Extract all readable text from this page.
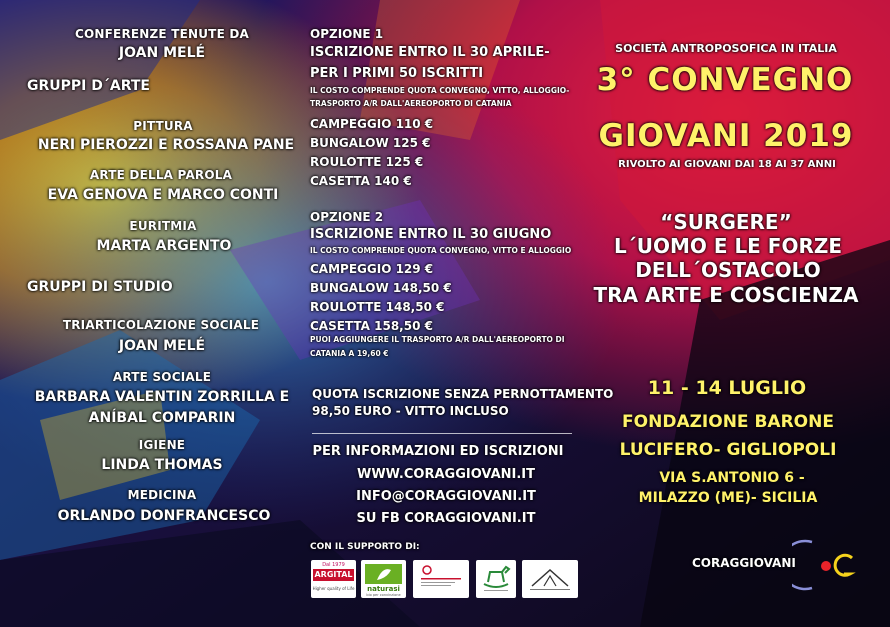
CONFERENZE TENUTE DA
JOAN MELÉ
GRUPPI D´ARTE
PITTURA
NERI PIEROZZI E ROSSANA PANE
ARTE DELLA PAROLA
EVA GENOVA E MARCO CONTI
EURITMIA
MARTA ARGENTO
GRUPPI DI STUDIO
TRIARTICOLAZIONE SOCIALE
JOAN MELÉ
ARTE SOCIALE
BARBARA VALENTIN ZORRILLA E
ANÍBAL COMPARIN
IGIENE
LINDA THOMAS
MEDICINA
ORLANDO DONFRANCESCO
OPZIONE 1
ISCRIZIONE ENTRO IL 30 APRILE-
PER I PRIMI 50 ISCRITTI
IL COSTO COMPRENDE QUOTA CONVEGNO, VITTO, ALLOGGIO-
TRASPORTO A/R DALL'AEREOPORTO DI CATANIA
CAMPEGGIO 110 €
BUNGALOW 125 €
ROULOTTE 125 €
CASETTA 140 €
OPZIONE 2
ISCRIZIONE ENTRO IL 30 GIUGNO
IL COSTO COMPRENDE QUOTA CONVEGNO, VITTO E ALLOGGIO
CAMPEGGIO 129 €
BUNGALOW 148,50 €
ROULOTTE 148,50 €
CASETTA 158,50 €
PUOI AGGIUNGERE IL TRASPORTO A/R DALL'AEREOPORTO DI
CATANIA A 19,60 €
QUOTA ISCRIZIONE SENZA PERNOTTAMENTO
98,50 EURO - VITTO INCLUSO
PER INFORMAZIONI ED ISCRIZIONI
WWW.CORAGGIOVANI.IT
INFO@CORAGGIOVANI.IT
SU FB CORAGGIOVANI.IT
CON IL SUPPORTO DI:
Dal 1979
ARGITAL
Higher quality of Life	naturasi
bio per convinzione
SOCIETÀ ANTROPOSOFICA IN ITALIA
3° CONVEGNO
GIOVANI 2019
RIVOLTO AI GIOVANI DAI 18 AI 37 ANNI
“SURGERE”
L´UOMO E LE FORZE
DELL´OSTACOLO
TRA ARTE E COSCIENZA
11 - 14 LUGLIO
FONDAZIONE BARONE
LUCIFERO- GIGLIOPOLI
VIA S.ANTONIO 6 -
MILAZZO (ME)- SICILIA
CORAGGIOVANI
